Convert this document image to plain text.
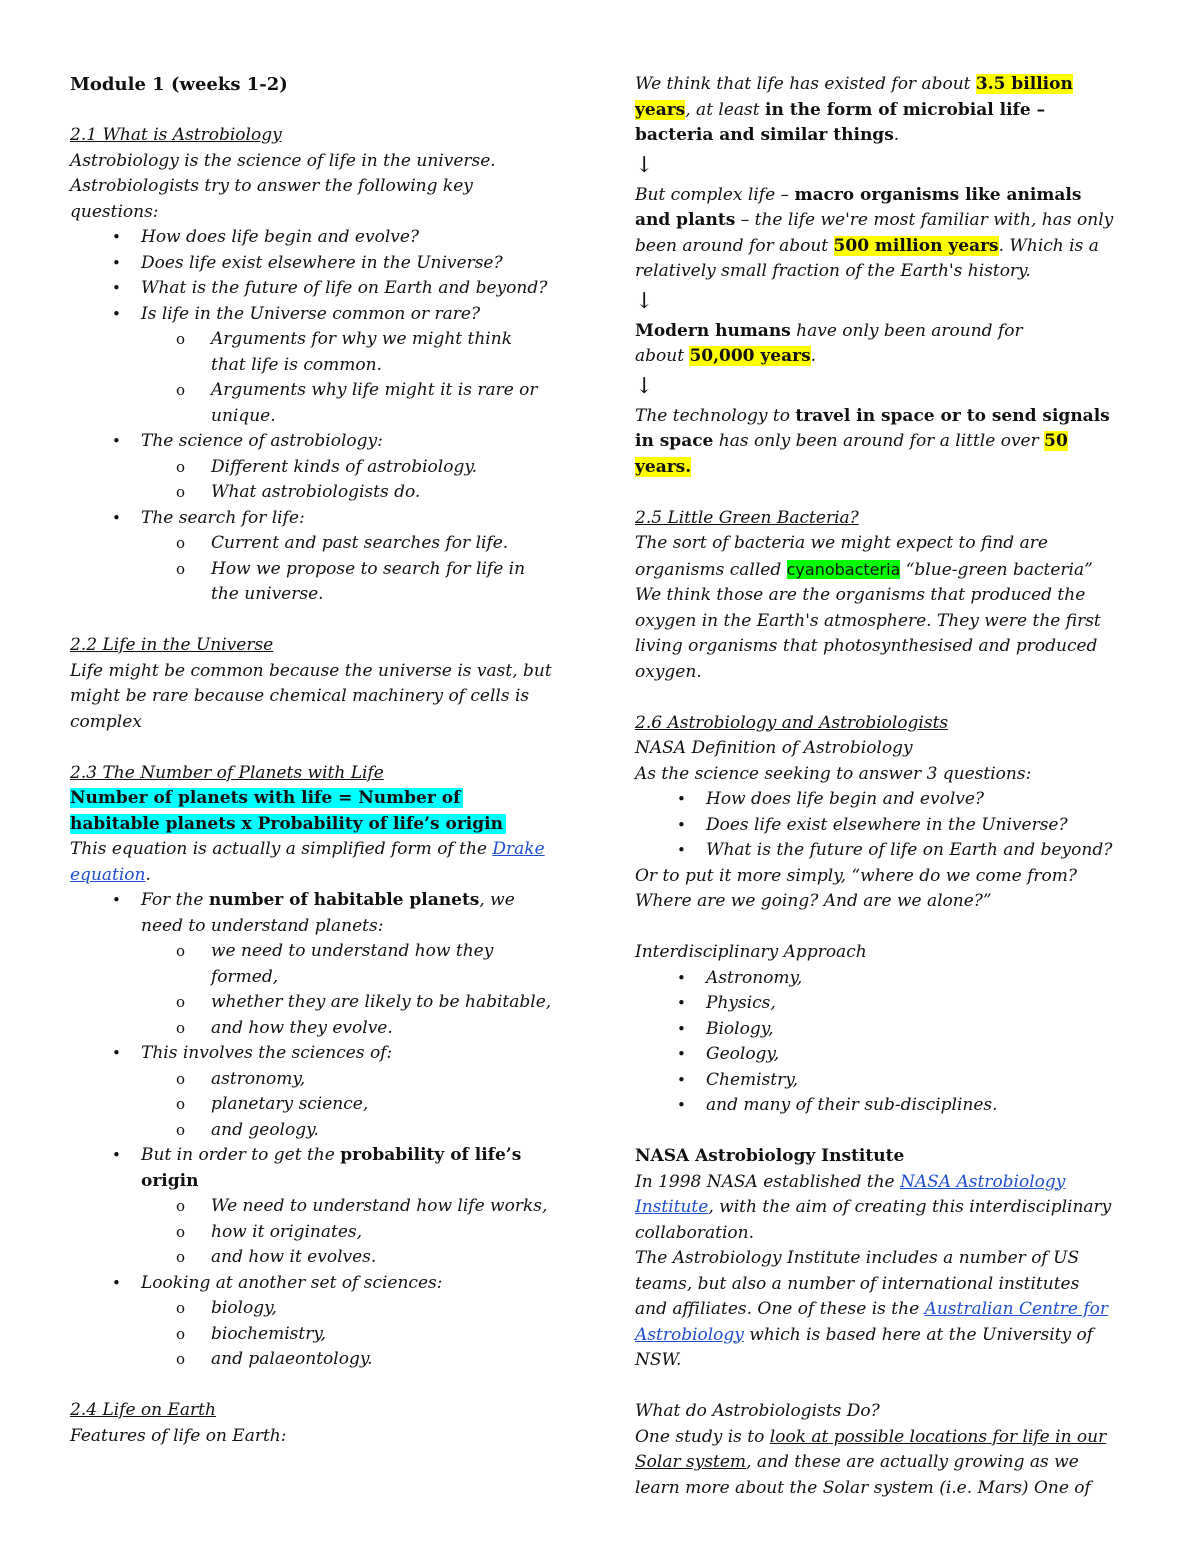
Module 1 (weeks 1-2)
2.1 What is Astrobiology
Astrobiology is the science of life in the universe.
Astrobiologists try to answer the following key
questions:
• How does life begin and evolve?
• Does life exist elsewhere in the Universe?
• What is the future of life on Earth and beyond?
• Is life in the Universe common or rare?
o Arguments for why we might think
that life is common.
o Arguments why life might it is rare or
unique.
• The science of astrobiology:
o Different kinds of astrobiology.
o What astrobiologists do.
• The search for life:
o Current and past searches for life.
o How we propose to search for life in
the universe.
2.2 Life in the Universe
Life might be common because the universe is vast, but
might be rare because chemical machinery of cells is
complex
2.3 The Number of Planets with Life
Number of planets with life = Number of
habitable planets x Probability of life’s origin
This equation is actually a simplified form of the Drake
equation.
• For the number of habitable planets, we
need to understand planets:
o we need to understand how they
formed,
o whether they are likely to be habitable,
o and how they evolve.
• This involves the sciences of:
o astronomy,
o planetary science,
o and geology.
• But in order to get the probability of life’s
origin
o We need to understand how life works,
o how it originates,
o and how it evolves.
• Looking at another set of sciences:
o biology,
o biochemistry,
o and palaeontology.
2.4 Life on Earth
Features of life on Earth:
We think that life has existed for about 3.5 billion
years, at least in the form of microbial life –
bacteria and similar things.
↓
But complex life – macro organisms like animals
and plants – the life we're most familiar with, has only
been around for about 500 million years. Which is a
relatively small fraction of the Earth's history.
↓
Modern humans have only been around for
about 50,000 years.
↓
The technology to travel in space or to send signals
in space has only been around for a little over 50
years.
2.5 Little Green Bacteria?
The sort of bacteria we might expect to find are
organisms called cyanobacteria “blue-green bacteria”
We think those are the organisms that produced the
oxygen in the Earth's atmosphere. They were the first
living organisms that photosynthesised and produced
oxygen.
2.6 Astrobiology and Astrobiologists
NASA Definition of Astrobiology
As the science seeking to answer 3 questions:
• How does life begin and evolve?
• Does life exist elsewhere in the Universe?
• What is the future of life on Earth and beyond?
Or to put it more simply, “where do we come from?
Where are we going? And are we alone?”
Interdisciplinary Approach
• Astronomy,
• Physics,
• Biology,
• Geology,
• Chemistry,
• and many of their sub-disciplines.
NASA Astrobiology Institute
In 1998 NASA established the NASA Astrobiology
Institute, with the aim of creating this interdisciplinary
collaboration.
The Astrobiology Institute includes a number of US
teams, but also a number of international institutes
and affiliates. One of these is the Australian Centre for
Astrobiology which is based here at the University of
NSW.
What do Astrobiologists Do?
One study is to look at possible locations for life in our
Solar system, and these are actually growing as we
learn more about the Solar system (i.e. Mars) One of
